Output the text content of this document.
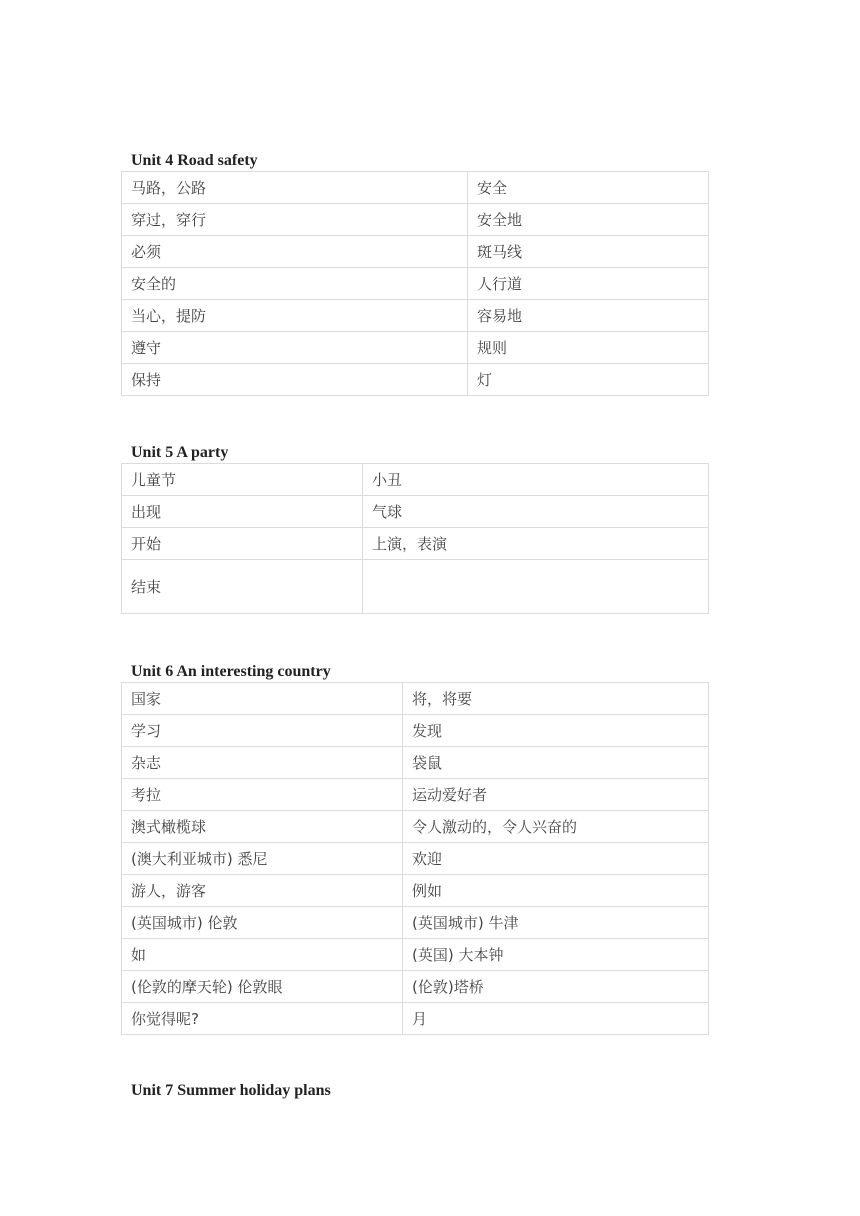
Unit 4 Road safety
马路，公路	安全
穿过，穿行	安全地
必须	斑马线
安全的	人行道
当心，提防	容易地
遵守	规则
保持	灯
Unit 5 A party
儿童节	小丑
出现	气球
开始	上演，表演
结束	
Unit 6 An interesting country
国家	将，将要
学习	发现
杂志	袋鼠
考拉	运动爱好者
澳式橄榄球	令人激动的，令人兴奋的
(澳大利亚城市) 悉尼	欢迎
游人，游客	例如
(英国城市) 伦敦	(英国城市) 牛津
如	(英国) 大本钟
(伦敦的摩天轮) 伦敦眼	(伦敦)塔桥
你觉得呢?	月
Unit 7 Summer holiday plans
